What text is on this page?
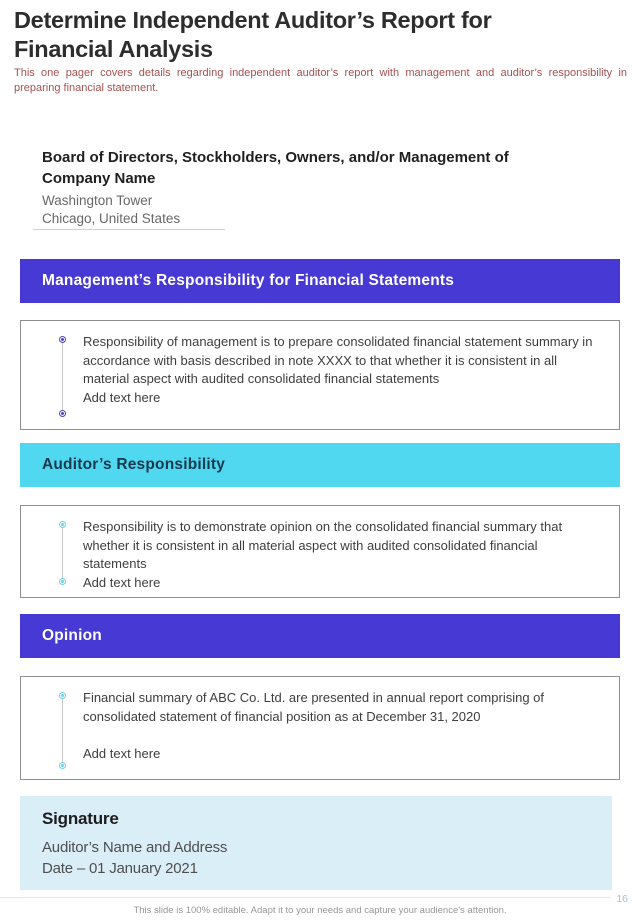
Determine Independent Auditor’s Report for Financial Analysis
This one pager covers details regarding independent auditor’s report with management and auditor’s responsibility in preparing financial statement.
Board of Directors, Stockholders, Owners, and/or Management of Company Name
Washington Tower
Chicago, United States
Management’s Responsibility for Financial Statements
Responsibility of management is to prepare consolidated financial statement summary in accordance with basis described in note XXXX to that whether it is consistent in all material aspect with audited consolidated financial statements
Add text here
Auditor’s Responsibility
Responsibility is to demonstrate opinion on the consolidated financial summary that whether it is consistent in all material aspect with audited consolidated financial statements
Add text here
Opinion
Financial summary of ABC Co. Ltd. are presented in annual report comprising of consolidated statement of financial position as at December 31, 2020
Add text here
Signature
Auditor’s Name and Address
Date – 01 January 2021
This slide is 100% editable. Adapt it to your needs and capture your audience's attention.
16
